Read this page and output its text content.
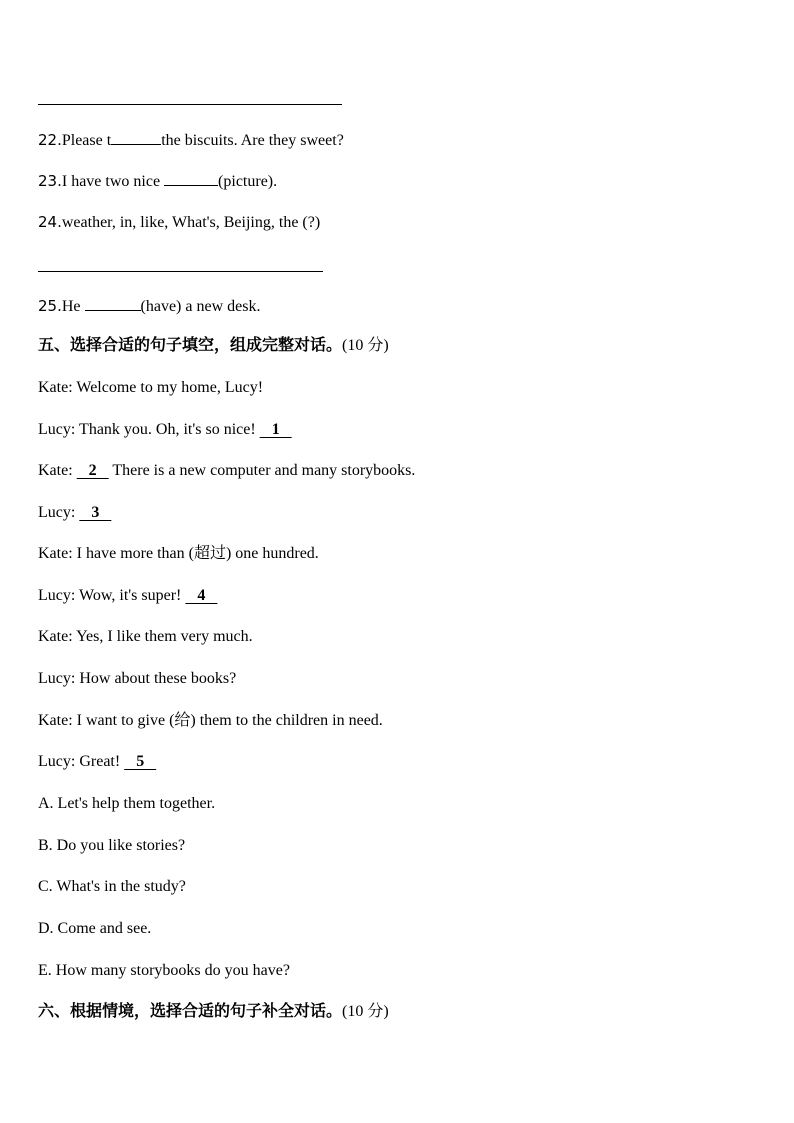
22.Please t	the biscuits. Are they sweet?
23.I have two nice	(picture).
24.weather, in, like, What's, Beijing, the (?)
25.He	(have) a new desk.
五、选择合适的句子填空，组成完整对话。(10 分)
Kate: Welcome to my home, Lucy!
Lucy: Thank you. Oh, it's so nice!    1
Kate:    2    There is a new computer and many storybooks.
Lucy:    3
Kate: I have more than (超过) one hundred.
Lucy: Wow, it's super!    4
Kate: Yes, I like them very much.
Lucy: How about these books?
Kate: I want to give (给) them to the children in need.
Lucy: Great!    5
A. Let's help them together.
B. Do you like stories?
C. What's in the study?
D. Come and see.
E. How many storybooks do you have?
六、根据情境，选择合适的句子补全对话。(10 分)
